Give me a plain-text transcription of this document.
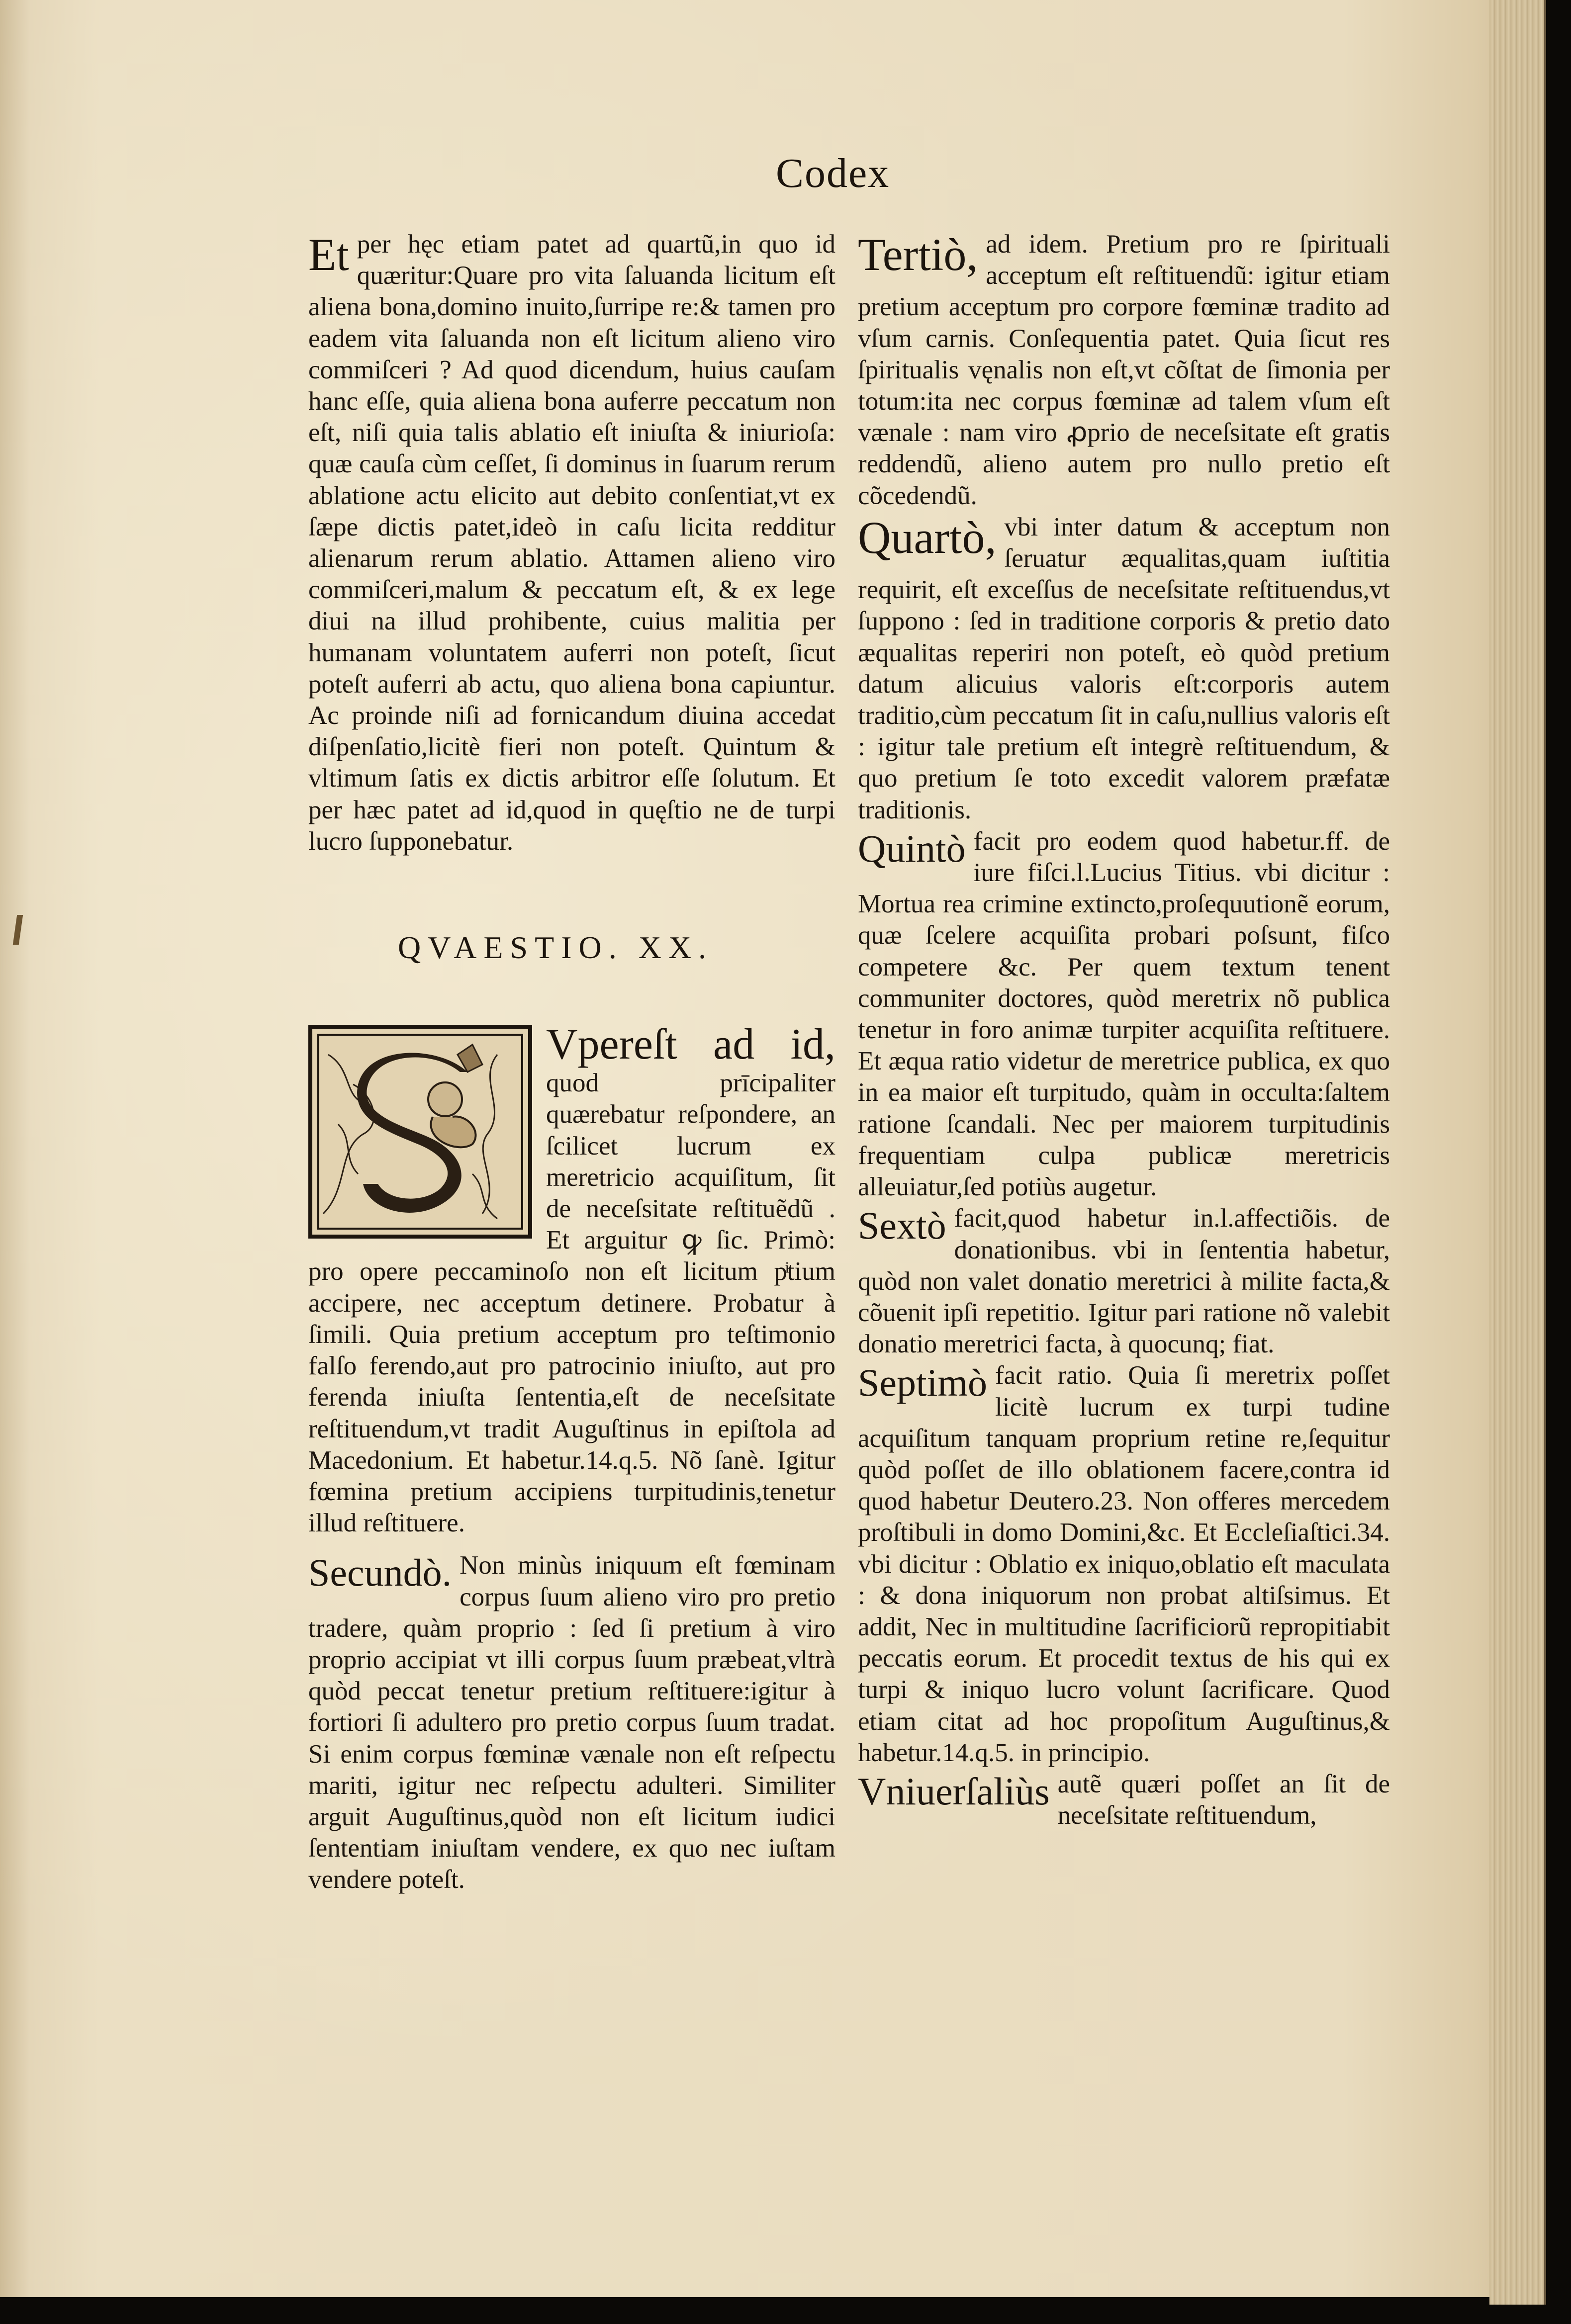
Codex

Et per hęc etiam patet ad quartũ,in quo id quæritur:Quare pro vita ſaluanda licitum eſt aliena bona,domino inuito,ſurripe re:& tamen pro eadem vita ſaluanda non eſt licitum alieno viro commiſceri ? Ad quod dicendum, huius cauſam hanc eſſe, quia aliena bona auferre peccatum non eſt, niſi quia talis ablatio eſt iniuſta & iniurioſa: quæ cauſa cùm ceſſet, ſi dominus in ſuarum rerum ablatione actu elicito aut debito conſentiat,vt ex ſæpe dictis patet,ideò in caſu licita redditur alienarum rerum ablatio. Attamen alieno viro commiſceri,malum & peccatum eſt, & ex lege diui na illud prohibente, cuius malitia per humanam voluntatem auferri non poteſt, ſicut poteſt auferri ab actu, quo aliena bona capiuntur. Ac proinde niſi ad fornicandum diuina accedat diſpenſatio,licitè fieri non poteſt. Quintum & vltimum ſatis ex dictis arbitror eſſe ſolutum. Et per hæc patet ad id,quod in quęſtio ne de turpi lucro ſupponebatur.

QVAESTIO. XX.

Vpereſt ad id, quod prīcipaliter quærebatur reſpondere, an ſcilicet lucrum ex meretricio acquiſitum, ſit de neceſsitate reſtituẽdũ . Et arguitur ꝙ ſic. Primò: pro opere peccaminoſo non eſt licitum pͥtium accipere, nec acceptum detinere. Probatur à ſimili. Quia pretium acceptum pro teſtimonio falſo ferendo,aut pro patrocinio iniuſto, aut pro ferenda iniuſta ſententia,eſt de neceſsitate reſtituendum,vt tradit Auguſtinus in epiſtola ad Macedonium. Et habetur.14.q.5. Nõ ſanè. Igitur fœmina pretium accipiens turpitudinis,tenetur illud reſtituere.

Secundò. Non minùs iniquum eſt fœminam corpus ſuum alieno viro pro pretio tradere, quàm proprio : ſed ſi pretium à viro proprio accipiat vt illi corpus ſuum præbeat,vltrà quòd peccat tenetur pretium reſtituere:igitur à fortiori ſi adultero pro pretio corpus ſuum tradat. Si enim corpus fœminæ vænale non eſt reſpectu mariti, igitur nec reſpectu adulteri. Similiter arguit Auguſtinus,quòd non eſt licitum iudici ſententiam iniuſtam vendere, ex quo nec iuſtam vendere poteſt.

Tertiò, ad idem. Pretium pro re ſpirituali acceptum eſt reſtituendũ: igitur etiam pretium acceptum pro corpore fœminæ tradito ad vſum carnis. Conſequentia patet. Quia ſicut res ſpiritualis vęnalis non eſt,vt cõſtat de ſimonia per totum:ita nec corpus fœminæ ad talem vſum eſt vænale : nam viro ꝓprio de neceſsitate eſt gratis reddendũ, alieno autem pro nullo pretio eſt cõcedendũ.

Quartò, vbi inter datum & acceptum non ſeruatur æqualitas,quam iuſtitia requirit, eſt exceſſus de neceſsitate reſtituendus,vt ſuppono : ſed in traditione corporis & pretio dato æqualitas reperiri non poteſt, eò quòd pretium datum alicuius valoris eſt:corporis autem traditio,cùm peccatum ſit in caſu,nullius valoris eſt : igitur tale pretium eſt integrè reſtituendum, & quo pretium ſe toto excedit valorem præfatæ traditionis.

Quintò facit pro eodem quod habetur.ff. de iure fiſci.l.Lucius Titius. vbi dicitur : Mortua rea crimine extincto,proſequutionẽ eorum, quæ ſcelere acquiſita probari poſsunt, fiſco competere &c. Per quem textum tenent communiter doctores, quòd meretrix nõ publica tenetur in foro animæ turpiter acquiſita reſtituere. Et æqua ratio videtur de meretrice publica, ex quo in ea maior eſt turpitudo, quàm in occulta:ſaltem ratione ſcandali. Nec per maiorem turpitudinis frequentiam culpa publicæ meretricis alleuiatur,ſed potiùs augetur.

Sextò facit,quod habetur in.l.affectiõis. de donationibus. vbi in ſententia habetur, quòd non valet donatio meretrici à milite facta,& cõuenit ipſi repetitio. Igitur pari ratione nõ valebit donatio meretrici facta, à quocunq; fiat.

Septimò facit ratio. Quia ſi meretrix poſſet licitè lucrum ex turpi tudine acquiſitum tanquam proprium retine re,ſequitur quòd poſſet de illo oblationem facere,contra id quod habetur Deutero.23. Non offeres mercedem proſtibuli in domo Domini,&c. Et Eccleſiaſtici.34. vbi dicitur : Oblatio ex iniquo,oblatio eſt maculata : & dona iniquorum non probat altiſsimus. Et addit, Nec in multitudine ſacrificiorũ repropitiabit peccatis eorum. Et procedit textus de his qui ex turpi & iniquo lucro volunt ſacrificare. Quod etiam citat ad hoc propoſitum Auguſtinus,& habetur.14.q.5. in principio.

Vniuerſaliùs autẽ quæri poſſet an ſit de neceſsitate reſtituendum,
